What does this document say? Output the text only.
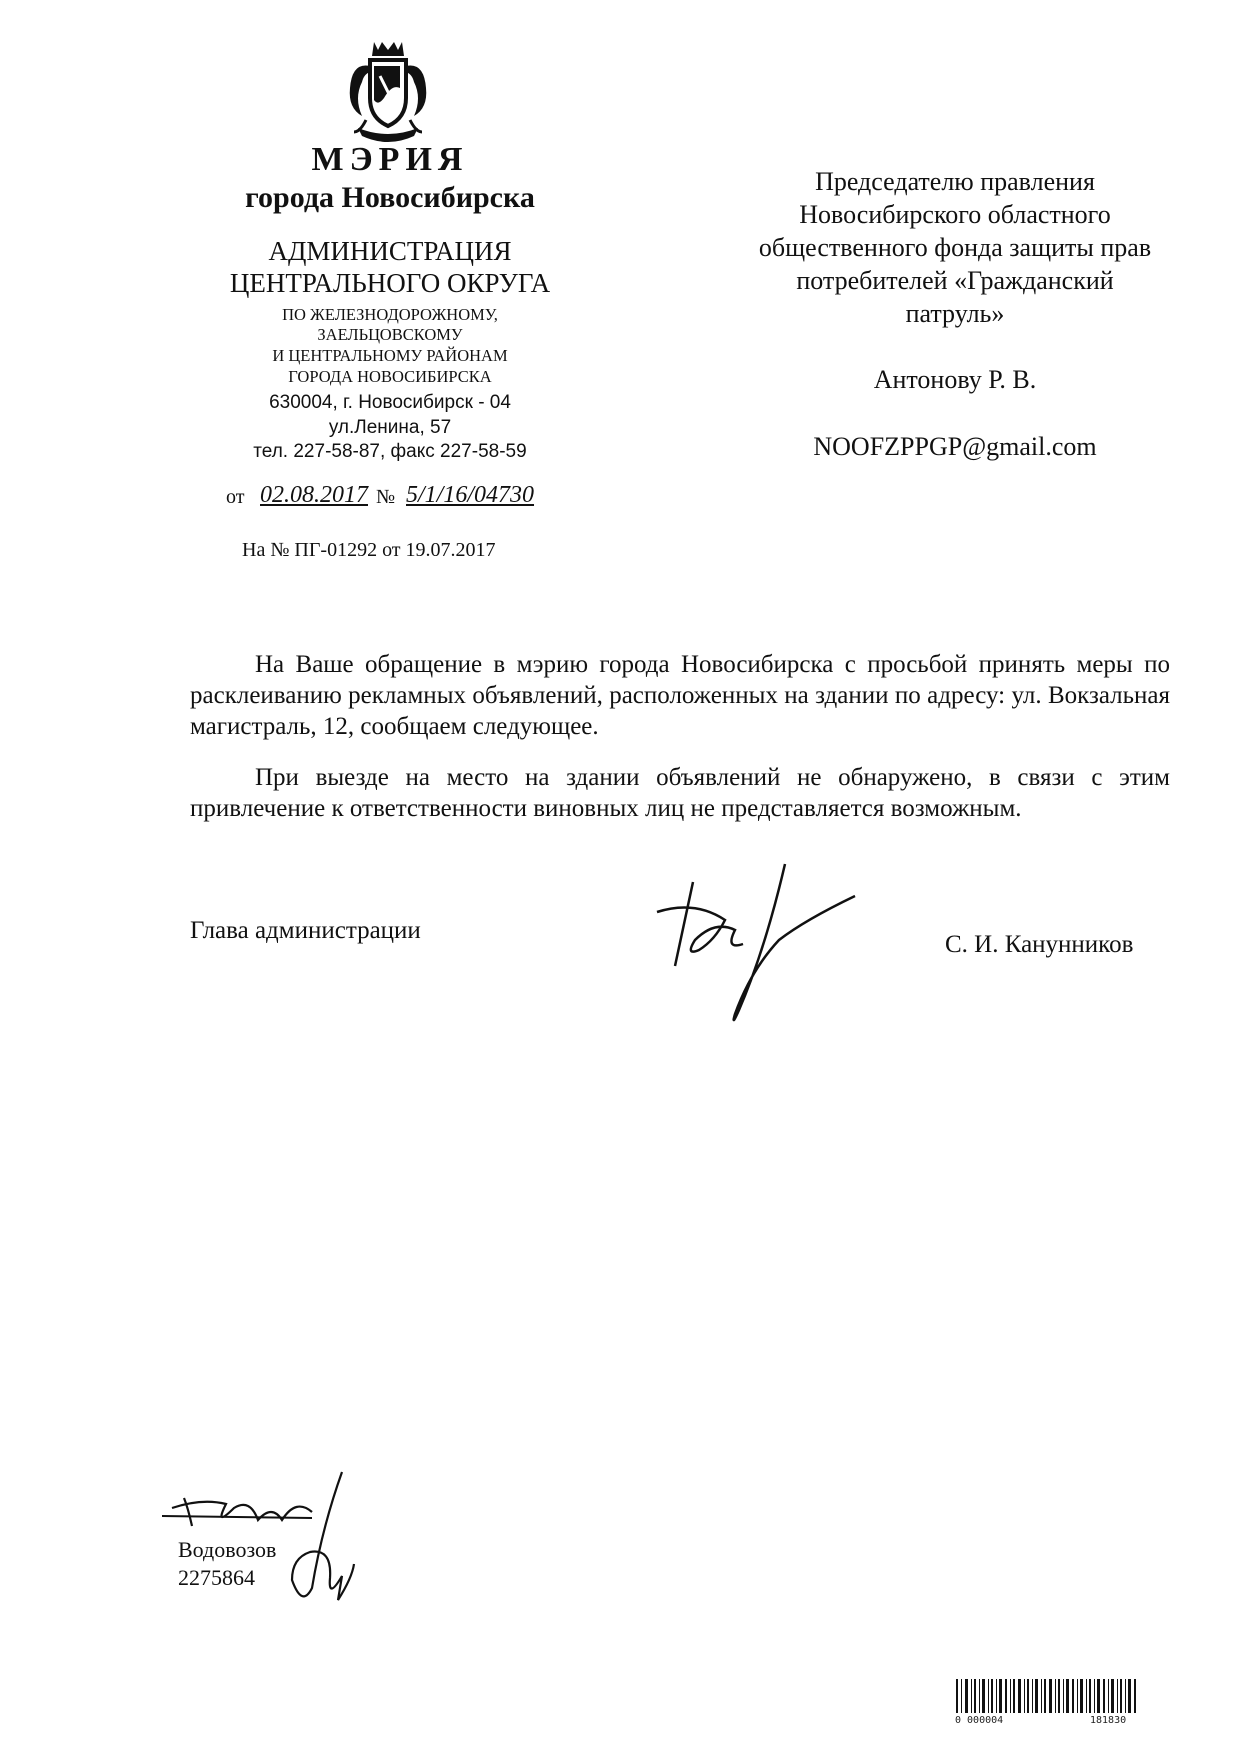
МЭРИЯ
города Новосибирска
АДМИНИСТРАЦИЯ
ЦЕНТРАЛЬНОГО ОКРУГА
ПО ЖЕЛЕЗНОДОРОЖНОМУ,
ЗАЕЛЬЦОВСКОМУ
И ЦЕНТРАЛЬНОМУ РАЙОНАМ
ГОРОДА НОВОСИБИРСКА
630004, г. Новосибирск - 04
ул.Ленина, 57
тел. 227-58-87, факс 227-58-59
от 02.08.2017 № 5/1/16/04730
На № ПГ-01292 от 19.07.2017
Председателю правления
Новосибирского областного
общественного фонда защиты прав
потребителей «Гражданский
патруль»
Антонову Р. В.
NOOFZPPGP@gmail.com

На Ваше обращение в мэрию города Новосибирска с просьбой принять меры по расклеиванию рекламных объявлений, расположенных на здании по адресу: ул. Вокзальная магистраль, 12, сообщаем следующее.

При выезде на место на здании объявлений не обнаружено, в связи с этим привлечение к ответственности виновных лиц не представляется возможным.

Глава администрации
С. И. Канунников
Водовозов
2275864
0 000004	181830
